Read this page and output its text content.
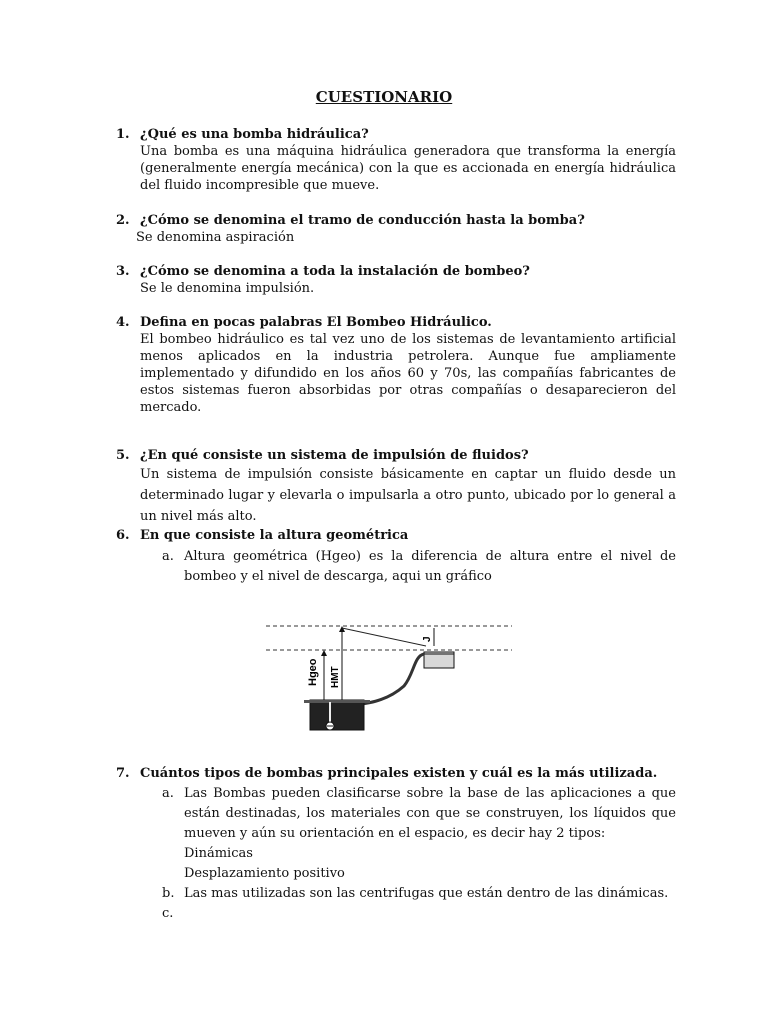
CUESTIONARIO
1. ¿Qué es una bomba hidráulica?
Una bomba es una máquina hidráulica generadora que transforma la energía (generalmente energía mecánica) con la que es accionada en energía hidráulica del fluido incompresible que mueve.
2. ¿Cómo se denomina el tramo de conducción hasta la bomba?
Se denomina aspiración
3. ¿Cómo se denomina a toda la instalación de bombeo?
Se le denomina impulsión.
4. Defina en pocas palabras El Bombeo Hidráulico.
El bombeo hidráulico es tal vez uno de los sistemas de levantamiento artificial menos aplicados en la industria petrolera. Aunque fue ampliamente implementado y difundido en los años 60 y 70s, las compañías fabricantes de estos sistemas fueron absorbidas por otras compañías o desaparecieron del mercado.
5. ¿En qué consiste un sistema de impulsión de fluidos?
Un sistema de impulsión consiste básicamente en captar un fluido desde un determinado lugar y elevarla o impulsarla a otro punto, ubicado por lo general a un nivel más alto.
6. En que consiste la altura geométrica
a. Altura geométrica (Hgeo) es la diferencia de altura entre el nivel de bombeo y el nivel de descarga, aqui un gráfico
Hgeo HMT
J
7. Cuántos tipos de bombas principales existen y cuál es la más utilizada.
a. Las Bombas pueden clasificarse sobre la base de las aplicaciones a que están destinadas, los materiales con que se construyen, los líquidos que mueven y aún su orientación en el espacio, es decir hay 2 tipos:
Dinámicas
Desplazamiento positivo
b. Las mas utilizadas son las centrifugas que están dentro de las dinámicas.
c.
